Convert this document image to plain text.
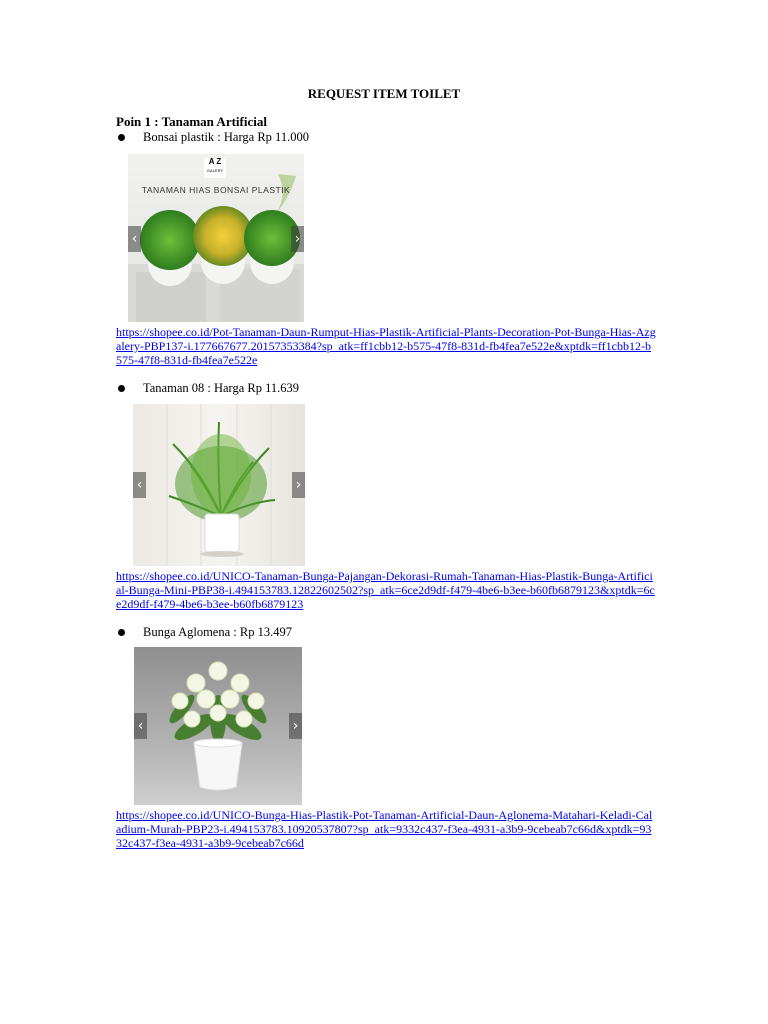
REQUEST ITEM TOILET
Poin 1 : Tanaman Artificial
Bonsai plastik : Harga Rp 11.000
A Z
GALERY
TANAMAN HIAS BONSAI PLASTIK
‹	›
https://shopee.co.id/Pot-Tanaman-Daun-Rumput-Hias-Plastik-Artificial-Plants-Decoration-Pot-Bunga-Hias-Azgalery-PBP137-i.177667677.20157353384?sp_atk=ff1cbb12-b575-47f8-831d-fb4fea7e522e&xptdk=ff1cbb12-b575-47f8-831d-fb4fea7e522e
Tanaman 08 : Harga Rp 11.639
‹	›
https://shopee.co.id/UNICO-Tanaman-Bunga-Pajangan-Dekorasi-Rumah-Tanaman-Hias-Plastik-Bunga-Artificial-Bunga-Mini-PBP38-i.494153783.12822602502?sp_atk=6ce2d9df-f479-4be6-b3ee-b60fb6879123&xptdk=6ce2d9df-f479-4be6-b3ee-b60fb6879123
Bunga Aglomena : Rp 13.497
‹	›
https://shopee.co.id/UNICO-Bunga-Hias-Plastik-Pot-Tanaman-Artificial-Daun-Aglonema-Matahari-Keladi-Caladium-Murah-PBP23-i.494153783.10920537807?sp_atk=9332c437-f3ea-4931-a3b9-9cebeab7c66d&xptdk=9332c437-f3ea-4931-a3b9-9cebeab7c66d
